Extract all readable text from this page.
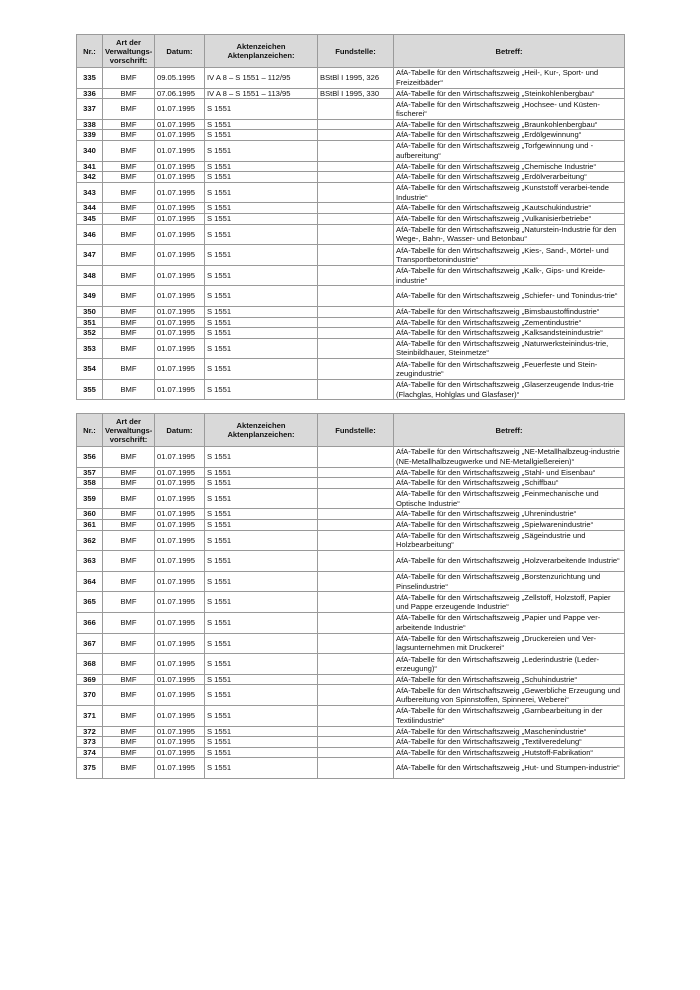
Nr.:	Art der Verwaltungs-vorschrift:	Datum:	Aktenzeichen Aktenplanzeichen:	Fundstelle:	Betreff:
335	BMF	09.05.1995	IV A 8 – S 1551 – 112/95	BStBl I 1995, 326	AfA-Tabelle für den Wirtschaftszweig „Heil-, Kur-, Sport- und Freizeitbäder“
336	BMF	07.06.1995	IV A 8 – S 1551 – 113/95	BStBl I 1995, 330	AfA-Tabelle für den Wirtschaftszweig „Steinkohlenbergbau“
337	BMF	01.07.1995	S 1551		AfA-Tabelle für den Wirtschaftszweig „Hochsee- und Küsten-fischerei“
338	BMF	01.07.1995	S 1551		AfA-Tabelle für den Wirtschaftszweig „Braunkohlenbergbau“
339	BMF	01.07.1995	S 1551		AfA-Tabelle für den Wirtschaftszweig „Erdölgewinnung“
340	BMF	01.07.1995	S 1551		AfA-Tabelle für den Wirtschaftszweig „Torfgewinnung und -aufbereitung“
341	BMF	01.07.1995	S 1551		AfA-Tabelle für den Wirtschaftszweig „Chemische Industrie“
342	BMF	01.07.1995	S 1551		AfA-Tabelle für den Wirtschaftszweig „Erdölverarbeitung“
343	BMF	01.07.1995	S 1551		AfA-Tabelle für den Wirtschaftszweig „Kunststoff verarbei-tende Industrie“
344	BMF	01.07.1995	S 1551		AfA-Tabelle für den Wirtschaftszweig „Kautschukindustrie“
345	BMF	01.07.1995	S 1551		AfA-Tabelle für den Wirtschaftszweig „Vulkanisierbetriebe“
346	BMF	01.07.1995	S 1551		AfA-Tabelle für den Wirtschaftszweig „Naturstein-Industrie für den Wege-, Bahn-, Wasser- und Betonbau“
347	BMF	01.07.1995	S 1551		AfA-Tabelle für den Wirtschaftszweig „Kies-, Sand-, Mörtel- und Transportbetonindustrie“
348	BMF	01.07.1995	S 1551		AfA-Tabelle für den Wirtschaftszweig „Kalk-, Gips- und Kreide-industrie“
349	BMF	01.07.1995	S 1551		AfA-Tabelle für den Wirtschaftszweig „Schiefer- und Tonindus-trie“
350	BMF	01.07.1995	S 1551		AfA-Tabelle für den Wirtschaftszweig „Bimsbaustoffindustrie“
351	BMF	01.07.1995	S 1551		AfA-Tabelle für den Wirtschaftszweig „Zementindustrie“
352	BMF	01.07.1995	S 1551		AfA-Tabelle für den Wirtschaftszweig „Kalksandsteinindustrie“
353	BMF	01.07.1995	S 1551		AfA-Tabelle für den Wirtschaftszweig „Naturwerksteinindus-trie, Steinbildhauer, Steinmetze“
354	BMF	01.07.1995	S 1551		AfA-Tabelle für den Wirtschaftszweig „Feuerfeste und Stein-zeugindustrie“
355	BMF	01.07.1995	S 1551		AfA-Tabelle für den Wirtschaftszweig „Glaserzeugende Indus-trie (Flachglas, Hohlglas und Glasfaser)“
Nr.:	Art der Verwaltungs-vorschrift:	Datum:	Aktenzeichen Aktenplanzeichen:	Fundstelle:	Betreff:
356	BMF	01.07.1995	S 1551		AfA-Tabelle für den Wirtschaftszweig „NE-Metallhalbzeug-industrie (NE-Metallhalbzeugwerke und NE-Metallgießereien)“
357	BMF	01.07.1995	S 1551		AfA-Tabelle für den Wirtschaftszweig „Stahl- und Eisenbau“
358	BMF	01.07.1995	S 1551		AfA-Tabelle für den Wirtschaftszweig „Schiffbau“
359	BMF	01.07.1995	S 1551		AfA-Tabelle für den Wirtschaftszweig „Feinmechanische und Optische Industrie“
360	BMF	01.07.1995	S 1551		AfA-Tabelle für den Wirtschaftszweig „Uhrenindustrie“
361	BMF	01.07.1995	S 1551		AfA-Tabelle für den Wirtschaftszweig „Spielwarenindustrie“
362	BMF	01.07.1995	S 1551		AfA-Tabelle für den Wirtschaftszweig „Sägeindustrie und Holzbearbeitung“
363	BMF	01.07.1995	S 1551		AfA-Tabelle für den Wirtschaftszweig „Holzverarbeitende Industrie“
364	BMF	01.07.1995	S 1551		AfA-Tabelle für den Wirtschaftszweig „Borstenzurichtung und Pinselindustrie“
365	BMF	01.07.1995	S 1551		AfA-Tabelle für den Wirtschaftszweig „Zellstoff, Holzstoff, Papier und Pappe erzeugende Industrie“
366	BMF	01.07.1995	S 1551		AfA-Tabelle für den Wirtschaftszweig „Papier und Pappe ver-arbeitende Industrie“
367	BMF	01.07.1995	S 1551		AfA-Tabelle für den Wirtschaftszweig „Druckereien und Ver-lagsunternehmen mit Druckerei“
368	BMF	01.07.1995	S 1551		AfA-Tabelle für den Wirtschaftszweig „Lederindustrie (Leder-erzeugung)“
369	BMF	01.07.1995	S 1551		AfA-Tabelle für den Wirtschaftszweig „Schuhindustrie“
370	BMF	01.07.1995	S 1551		AfA-Tabelle für den Wirtschaftszweig „Gewerbliche Erzeugung und Aufbereitung von Spinnstoffen, Spinnerei, Weberei“
371	BMF	01.07.1995	S 1551		AfA-Tabelle für den Wirtschaftszweig „Garnbearbeitung in der Textilindustrie“
372	BMF	01.07.1995	S 1551		AfA-Tabelle für den Wirtschaftszweig „Maschenindustrie“
373	BMF	01.07.1995	S 1551		AfA-Tabelle für den Wirtschaftszweig „Textilveredelung“
374	BMF	01.07.1995	S 1551		AfA-Tabelle für den Wirtschaftszweig „Hutstoff-Fabrikation“
375	BMF	01.07.1995	S 1551		AfA-Tabelle für den Wirtschaftszweig „Hut- und Stumpen-industrie“
